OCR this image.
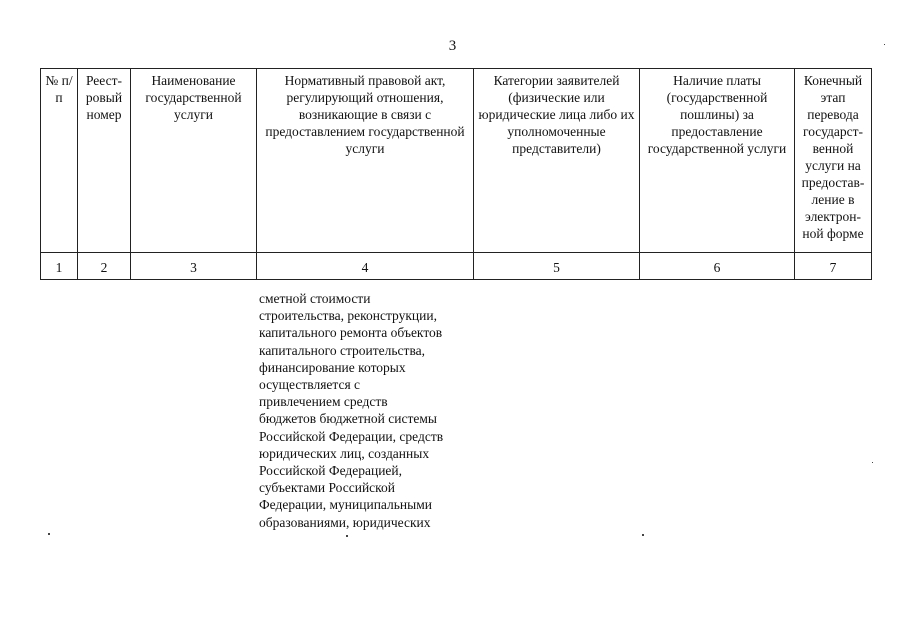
3
№ п/п	Реест-ровый номер	Наименование государственной услуги	Нормативный правовой акт, регулирующий отношения, возникающие в связи с предоставлением государственной услуги	Категории заявителей (физические или юридические лица либо их уполномоченные представители)	Наличие платы (государственной пошлины) за предоставление государственной услуги	Конечный этап перевода государст-венной услуги на предостав-ление в электрон-ной форме
1	2	3	4	5	6	7
сметной стоимости
строительства, реконструкции,
капитального ремонта объектов
капитального строительства,
финансирование которых
осуществляется с
привлечением средств
бюджетов бюджетной системы
Российской Федерации, средств
юридических лиц, созданных
Российской Федерацией,
субъектами Российской
Федерации, муниципальными
образованиями, юридических
